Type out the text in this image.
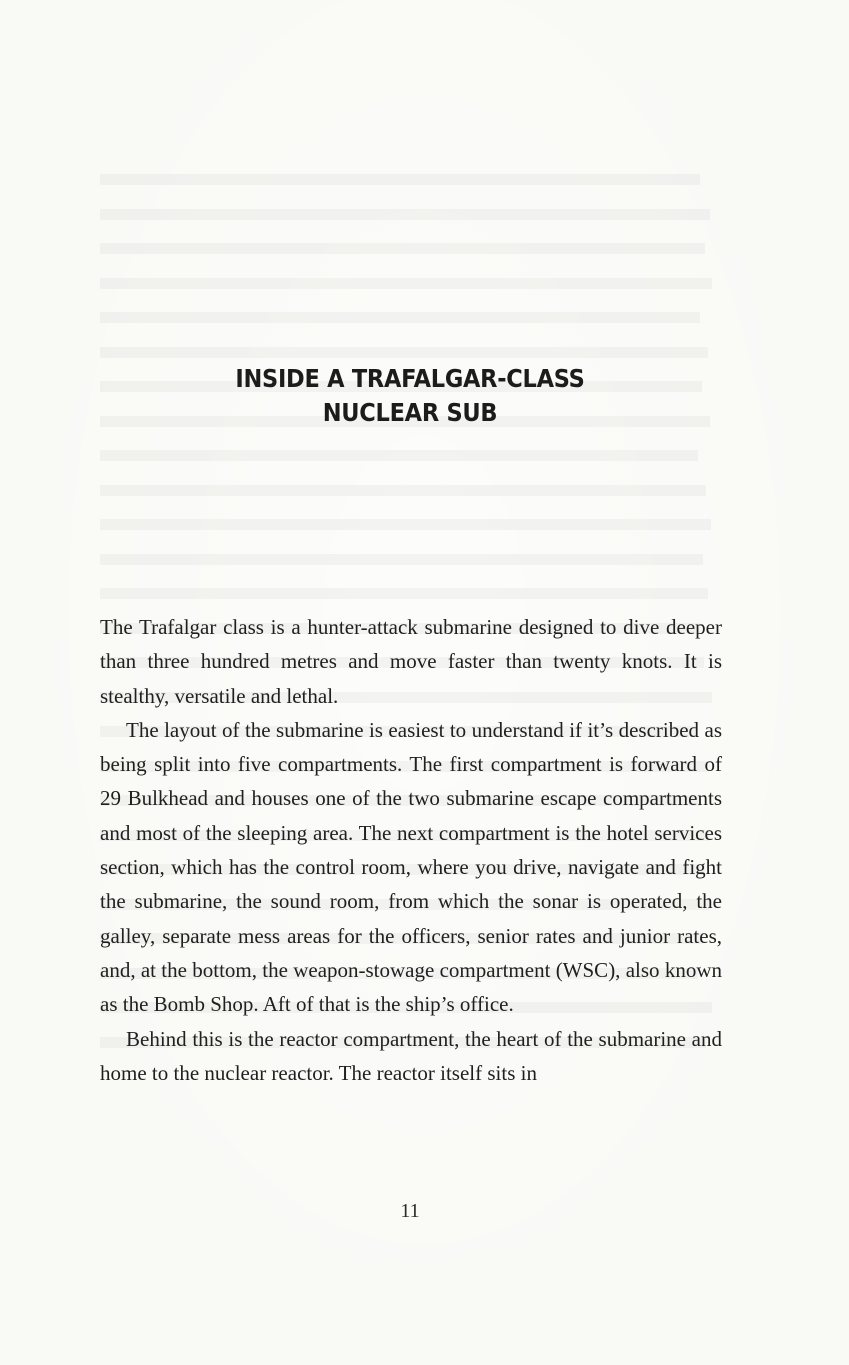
INSIDE A TRAFALGAR-CLASS
NUCLEAR SUB

The Trafalgar class is a hunter-attack submarine designed to dive deeper than three hundred metres and move faster than twenty knots. It is stealthy, versatile and lethal.

The layout of the submarine is easiest to understand if it’s described as being split into five compartments. The first compartment is forward of 29 Bulkhead and houses one of the two submarine escape compartments and most of the sleeping area. The next compartment is the hotel services section, which has the control room, where you drive, navigate and fight the submarine, the sound room, from which the sonar is operated, the galley, separate mess areas for the officers, senior rates and junior rates, and, at the bottom, the weapon-stowage compartment (WSC), also known as the Bomb Shop. Aft of that is the ship’s office.

Behind this is the reactor compartment, the heart of the submarine and home to the nuclear reactor. The reactor itself sits in

11
